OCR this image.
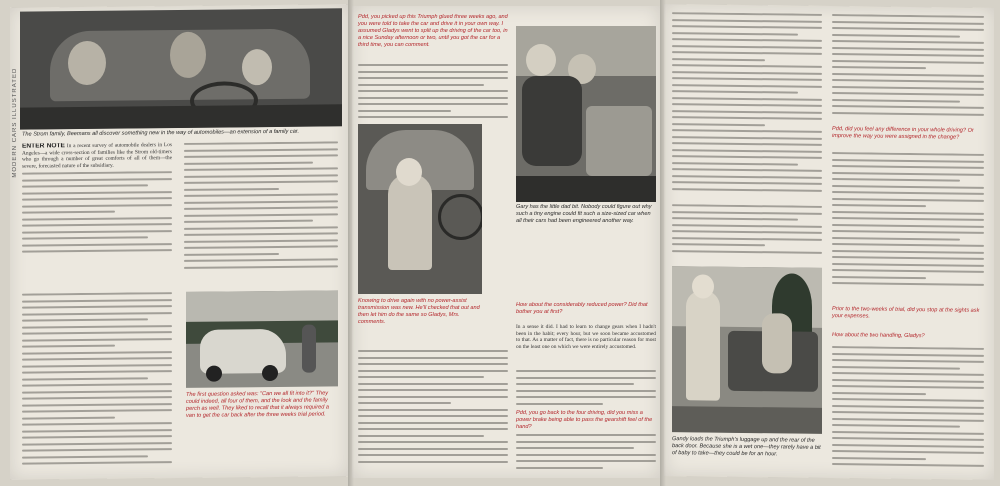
MODERN CARS ILLUSTRATED The Strom family, Beemans all discover something new in the way of automobiles—an extension of a family car.
ENTER NOTE In a recent survey of automobile dealers in Los Angeles—a wide cross-section of families like the Strom old-timers who go through a number of great comforts of all of them—the severe, forecasted nature of the subsidiary.
The first question asked was: "Can we all fit into it?" They could indeed, all four of them, and the look and the family perch as well. They liked to recall that it always required a van to get the car back after the three weeks trial period.
Pdd, you picked up this Triumph glued three weeks ago, and you were told to take the car and drive it in your own way. I assumed Gladys went to split up the driving of the car too, in a nice Sunday afternoon or two, until you got the car for a third time, you can comment.
Knowing to drive again with no power-assist transmission was new. He'll checked that out and then let him do the same so Gladys, Mrs. comments.
How about the considerably reduced power? Did that bother you at first?
In a sense it did. I had to learn to change gears when I hadn't been in the habit; every hour, but we soon became accustomed to that. As a matter of fact, there is no particular reason for most on the least one on which we were entirely accustomed.
Pdd, you go back to the four driving, did you miss a power brake being able to pass the gearshift feel of the hand?
Gary has the little dad bit. Nobody could figure out why such a tiny engine could fit such a size-sized car when all their cars had been engineered another way.
Pdd, did you feel any difference in your whole driving? Or improve the way you were assigned in the change?
Prior to the two-weeks of trial, did you stop at the sights ask your expenses.
How about the two handling, Gladys?
Gandy loads the Triumph's luggage up and the rear of the back door. Because she is a wet one—they rarely have a bit of baby to take—they could be for an hour.
